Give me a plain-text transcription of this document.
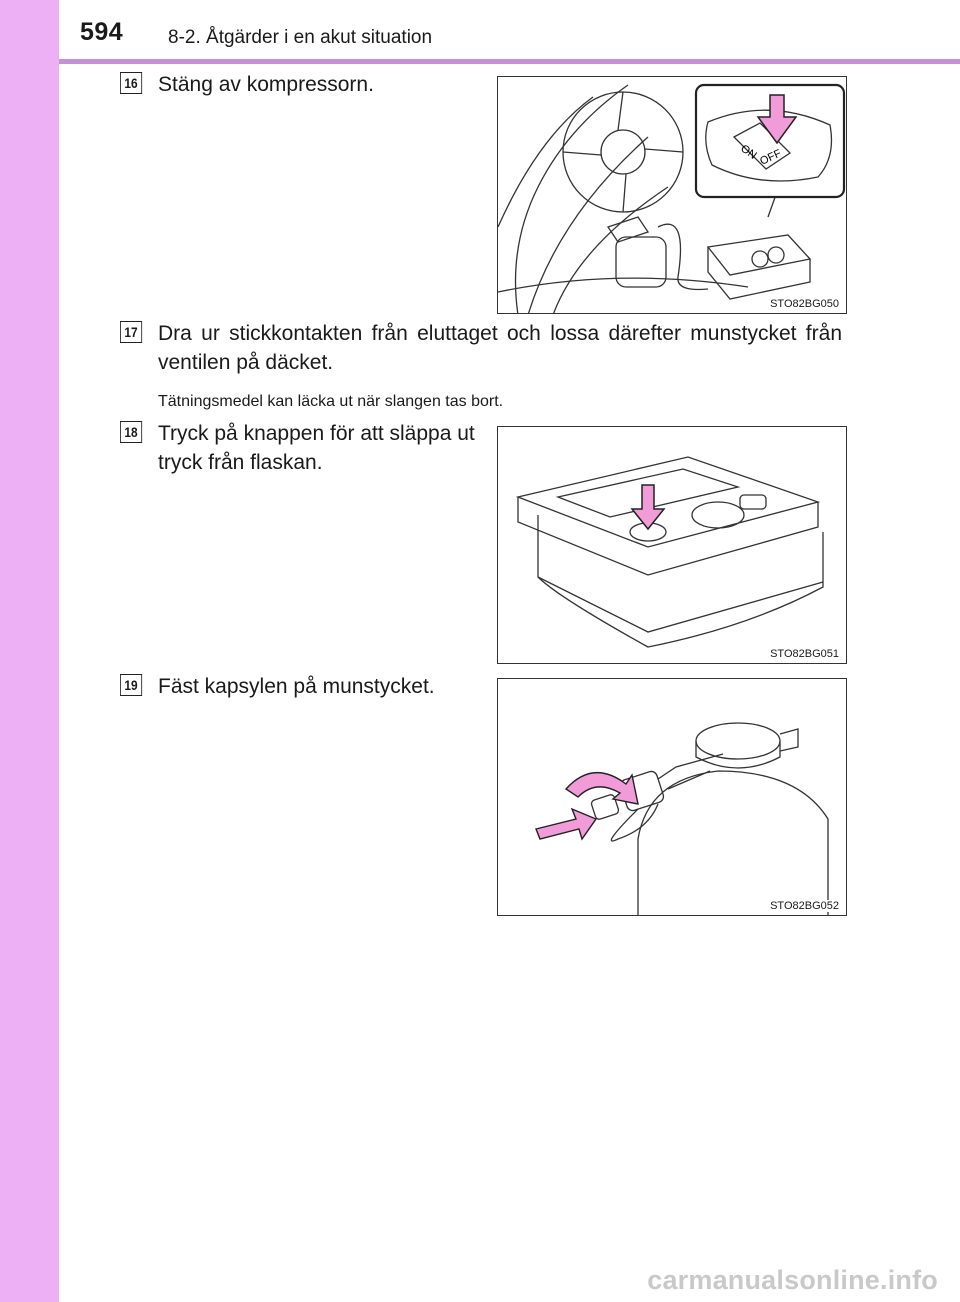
594 8-2. Åtgärder i en akut situation
16 Stäng av kompressorn.
ON OFF
STO82BG050
17 Dra ur stickkontakten från eluttaget och lossa därefter munstycket från ventilen på däcket.
Tätningsmedel kan läcka ut när slangen tas bort.
18 Tryck på knappen för att släppa ut tryck från flaskan.
STO82BG051
19 Fäst kapsylen på munstycket.
STO82BG052
carmanualsonline.info
